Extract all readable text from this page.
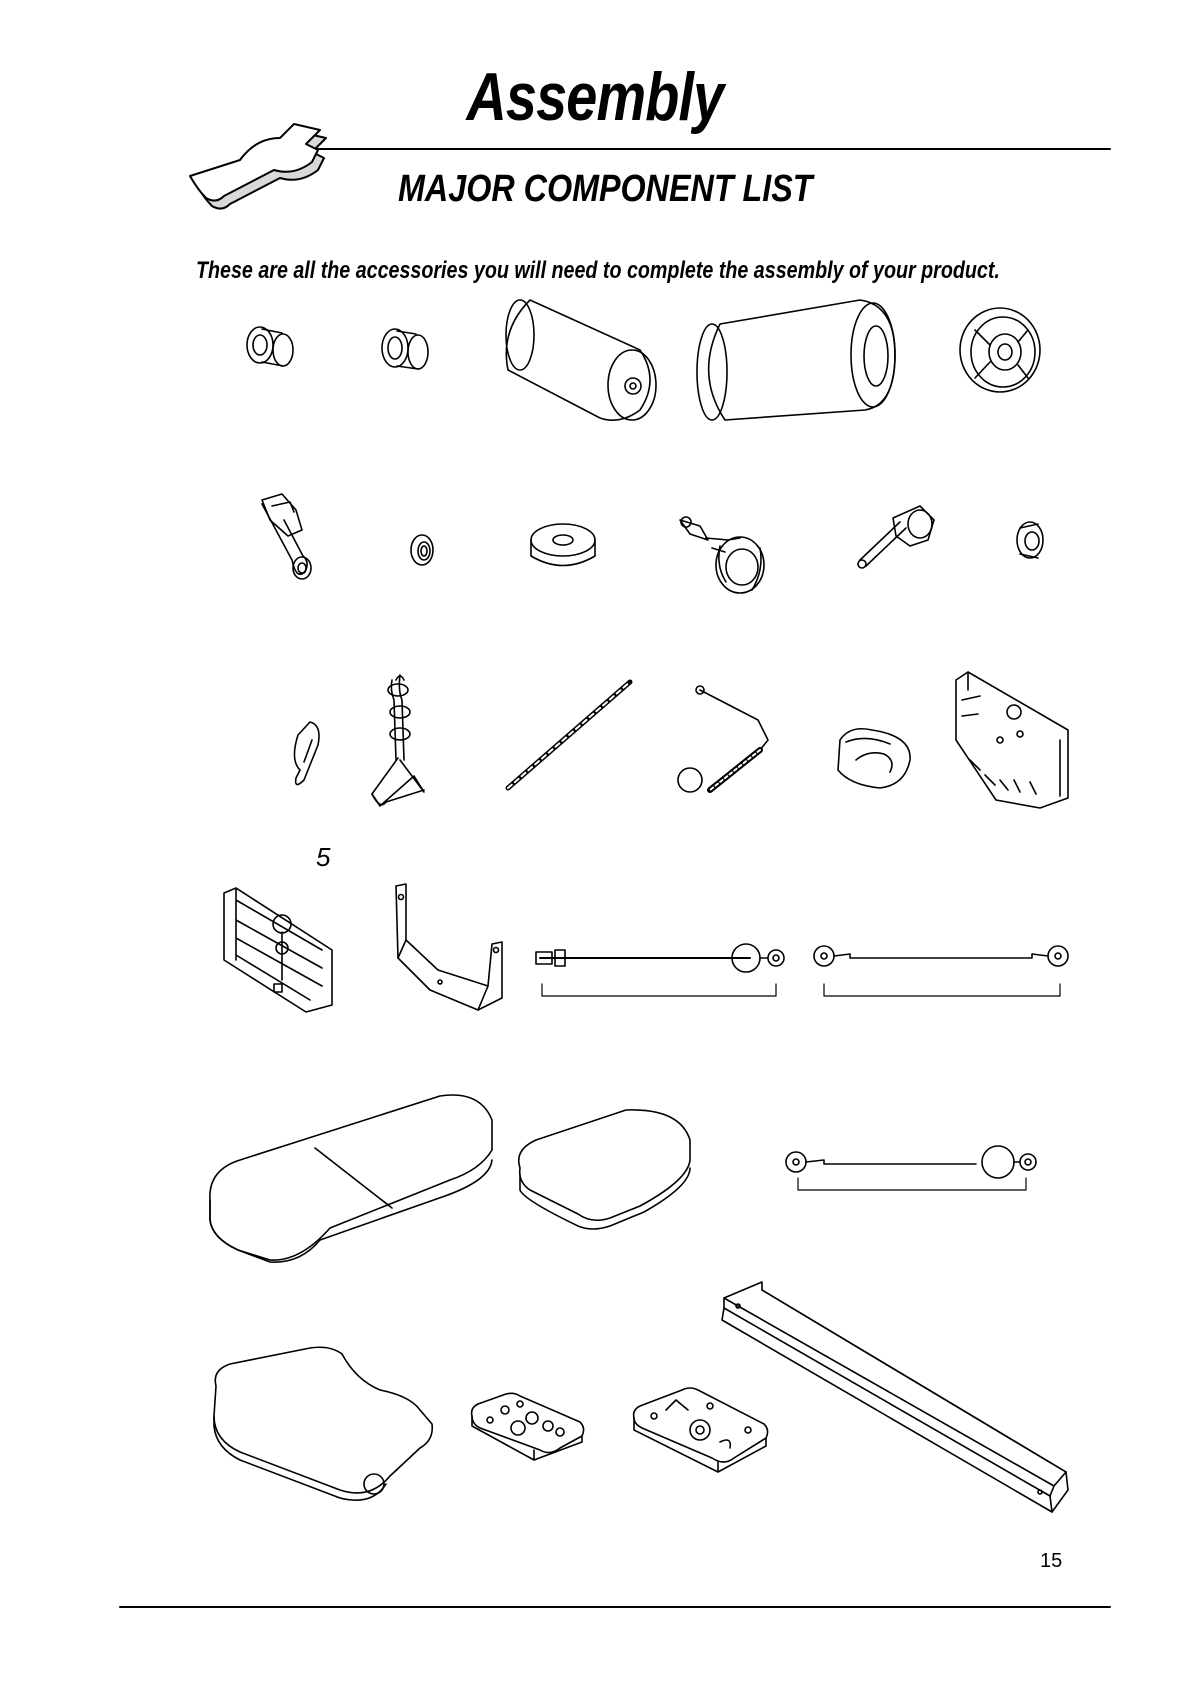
Assembly
MAJOR COMPONENT LIST
These are all the accessories you will need to complete the assembly of your product.
5
15
